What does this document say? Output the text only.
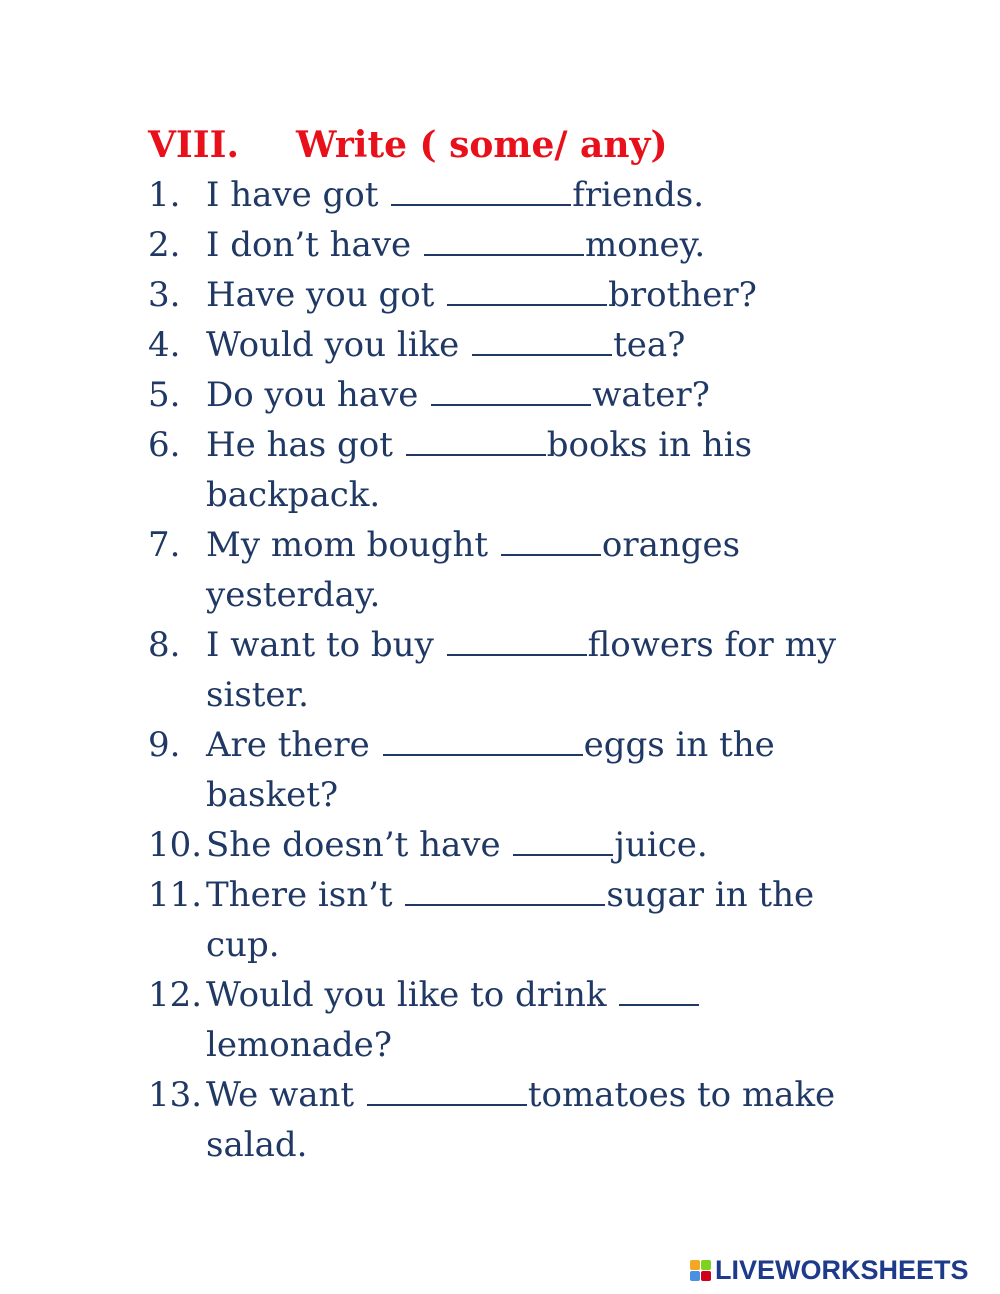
VIII.	Write ( some/ any)
1. I have got	friends.
2. I don’t have	money.
3. Have you got	brother?
4. Would you like	tea?
5. Do you have	water?
6. He has got	books in his backpack.
7. My mom bought	oranges yesterday.
8. I want to buy	flowers for my sister.
9. Are there	eggs in the basket?
10. She doesn’t have	juice.
11. There isn’t	sugar in the cup.
12. Would you like to drink  lemonade?
13. We want	tomatoes to make salad.
LIVEWORKSHEETS
